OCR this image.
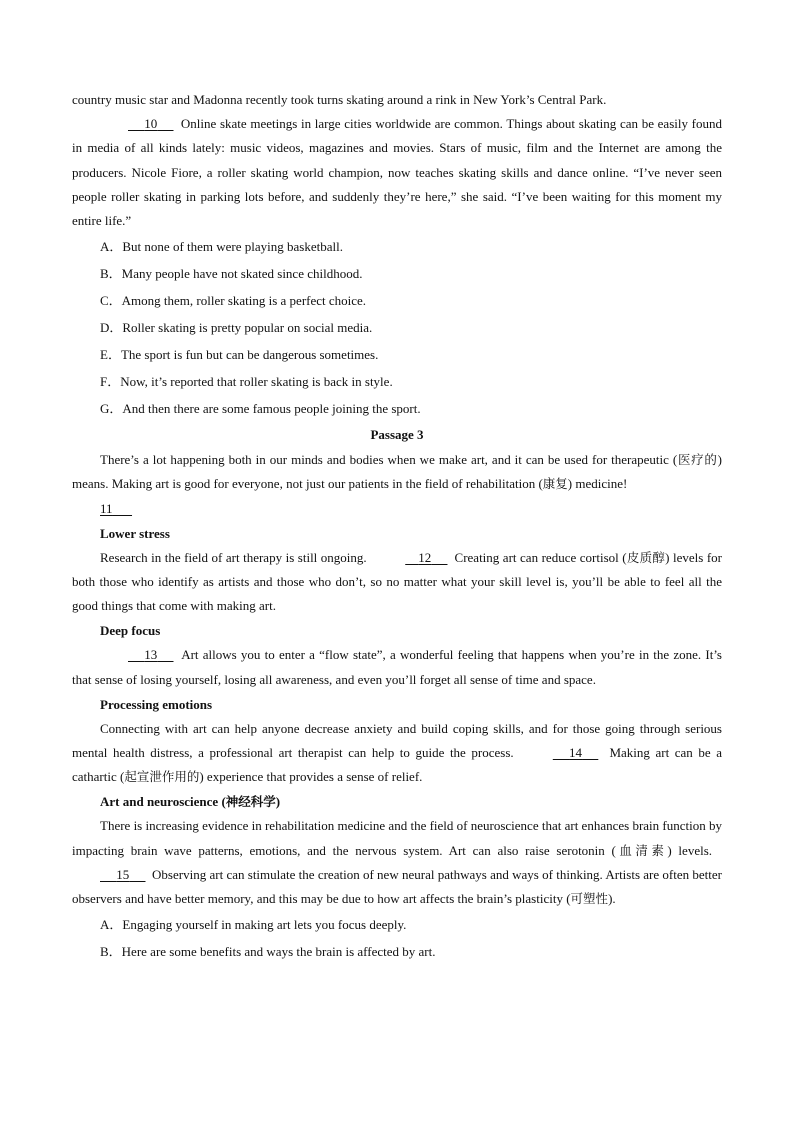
country music star and Madonna recently took turns skating around a rink in New York’s Central Park.

10 Online skate meetings in large cities worldwide are common. Things about skating can be easily found in media of all kinds lately: music videos, magazines and movies. Stars of music, film and the Internet are among the producers. Nicole Fiore, a roller skating world champion, now teaches skating skills and dance online. “I’ve never seen people roller skating in parking lots before, and suddenly they’re here,” she said. “I’ve been waiting for this moment my entire life.”

A．But none of them were playing basketball.

B．Many people have not skated since childhood.

C．Among them, roller skating is a perfect choice.

D．Roller skating is pretty popular on social media.

E．The sport is fun but can be dangerous sometimes.

F．Now, it’s reported that roller skating is back in style.

G．And then there are some famous people joining the sport.

Passage 3

There’s a lot happening both in our minds and bodies when we make art, and it can be used for therapeutic (医疗的) means. Making art is good for everyone, not just our patients in the field of rehabilitation (康复) medicine!
11

Lower stress

Research in the field of art therapy is still ongoing.	12 Creating art can reduce cortisol (皮质醇) levels for both those who identify as artists and those who don’t, so no matter what your skill level is, you’ll be able to feel all the good things that come with making art.

Deep focus

13 Art allows you to enter a “flow state”, a wonderful feeling that happens when you’re in the zone. It’s that sense of losing yourself, losing all awareness, and even you’ll forget all sense of time and space.

Processing emotions

Connecting with art can help anyone decrease anxiety and build coping skills, and for those going through serious mental health distress, a professional art therapist can help to guide the process.	14 Making art can be a cathartic (起宣泄作用的) experience that provides a sense of relief.

Art and neuroscience (神经科学)

There is increasing evidence in rehabilitation medicine and the field of neuroscience that art enhances brain function by impacting brain wave patterns, emotions, and the nervous system. Art can also raise serotonin (血清素) levels.        15 Observing art can stimulate the creation of new neural pathways and ways of thinking. Artists are often better observers and have better memory, and this may be due to how art affects the brain’s plasticity (可塑性).

A．Engaging yourself in making art lets you focus deeply.

B．Here are some benefits and ways the brain is affected by art.
